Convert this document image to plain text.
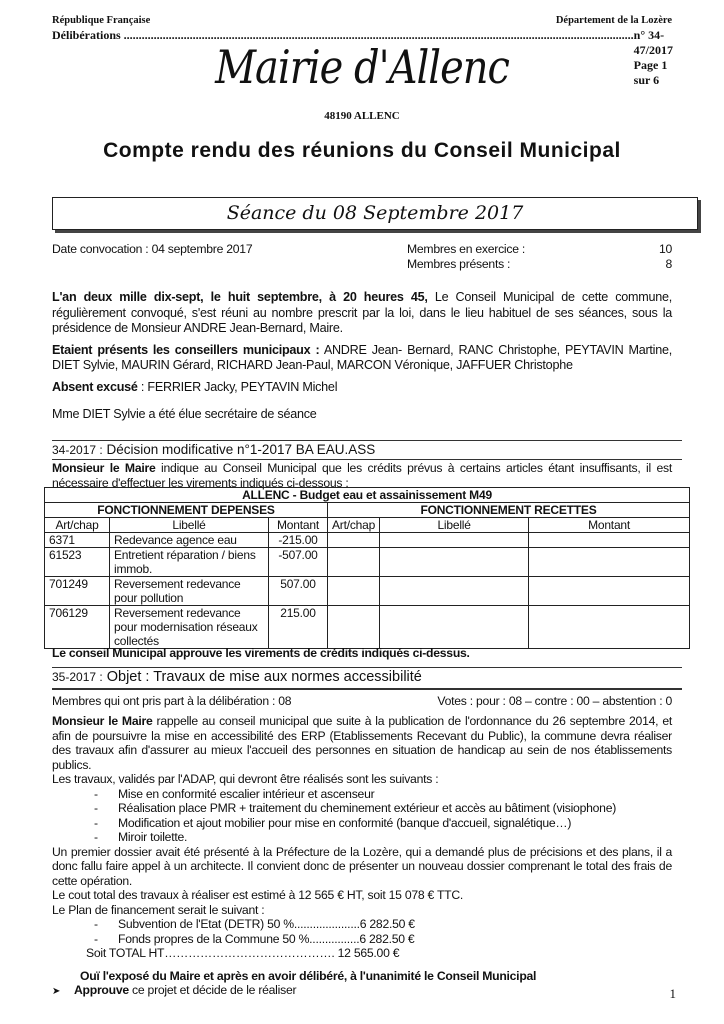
République Française	Département de la Lozère
Délibérations
.......................................................................................................................................................................... n° 34-47/2017 Page 1 sur 6
Mairie d'Allenc
48190 ALLENC
Compte rendu des réunions du Conseil Municipal
Séance du 08 Septembre 2017
Date convocation : 04 septembre 2017	Membres en exercice :	10
Membres présents :	8

L'an deux mille dix-sept, le huit septembre, à 20 heures 45, Le Conseil Municipal de cette commune, régulièrement convoqué, s'est réuni au nombre prescrit par la loi, dans le lieu habituel de ses séances, sous la présidence de Monsieur ANDRE Jean-Bernard, Maire.

Etaient présents les conseillers municipaux : ANDRE Jean- Bernard, RANC Christophe, PEYTAVIN Martine, DIET Sylvie, MAURIN Gérard, RICHARD Jean-Paul, MARCON Véronique, JAFFUER Christophe

Absent excusé : FERRIER Jacky, PEYTAVIN Michel

Mme DIET Sylvie a été élue secrétaire de séance

34-2017 : Décision modificative n°1-2017 BA EAU.ASS
Monsieur le Maire indique au Conseil Municipal que les crédits prévus à certains articles étant insuffisants, il est nécessaire d'effectuer les virements indiqués ci-dessous :
ALLENC - Budget eau et assainissement M49					
FONCTIONNEMENT DEPENSES			FONCTIONNEMENT RECETTES		
Art/chap	Libellé	Montant	Art/chap	Libellé	Montant
6371	Redevance agence eau	-215.00			
61523	Entretient réparation / biens immob.	-507.00			
701249	Reversement redevance pour pollution	507.00			
706129	Reversement redevance pour modernisation réseaux collectés	215.00			
Le conseil Municipal approuve les virements de crédits indiqués ci-dessus.
35-2017 : Objet : Travaux de mise aux normes accessibilité
Membres qui ont pris part à la délibération : 08	Votes : pour : 08 – contre : 00 – abstention : 0

Monsieur le Maire rappelle au conseil municipal que suite à la publication de l'ordonnance du 26 septembre 2014, et afin de poursuivre la mise en accessibilité des ERP (Etablissements Recevant du Public), la commune devra réaliser des travaux afin d'assurer au mieux l'accueil des personnes en situation de handicap au sein de nos établissements publics.

Les travaux, validés par l'ADAP, qui devront être réalisés sont les suivants :

- Mise en conformité escalier intérieur et ascenseur
- Réalisation place PMR + traitement du cheminement extérieur et accès au bâtiment (visiophone)
- Modification et ajout mobilier pour mise en conformité (banque d'accueil, signalétique…)
- Miroir toilette.

Un premier dossier avait été présenté à la Préfecture de la Lozère, qui a demandé plus de précisions et des plans, il a donc fallu faire appel à un architecte. Il convient donc de présenter un nouveau dossier comprenant le total des frais de cette opération.

Le cout total des travaux à réaliser est estimé à 12 565 € HT, soit 15 078 € TTC.

Le Plan de financement serait le suivant :

- Subvention de l'Etat (DETR) 50 %.....................6 282.50 €
- Fonds propres de la Commune 50 %................6 282.50 €

Soit TOTAL HT……………………………………. 12 565.00 €

Ouï l'exposé du Maire et après en avoir délibéré, à l'unanimité le Conseil Municipal

➤ Approuve ce projet et décide de le réaliser	1
